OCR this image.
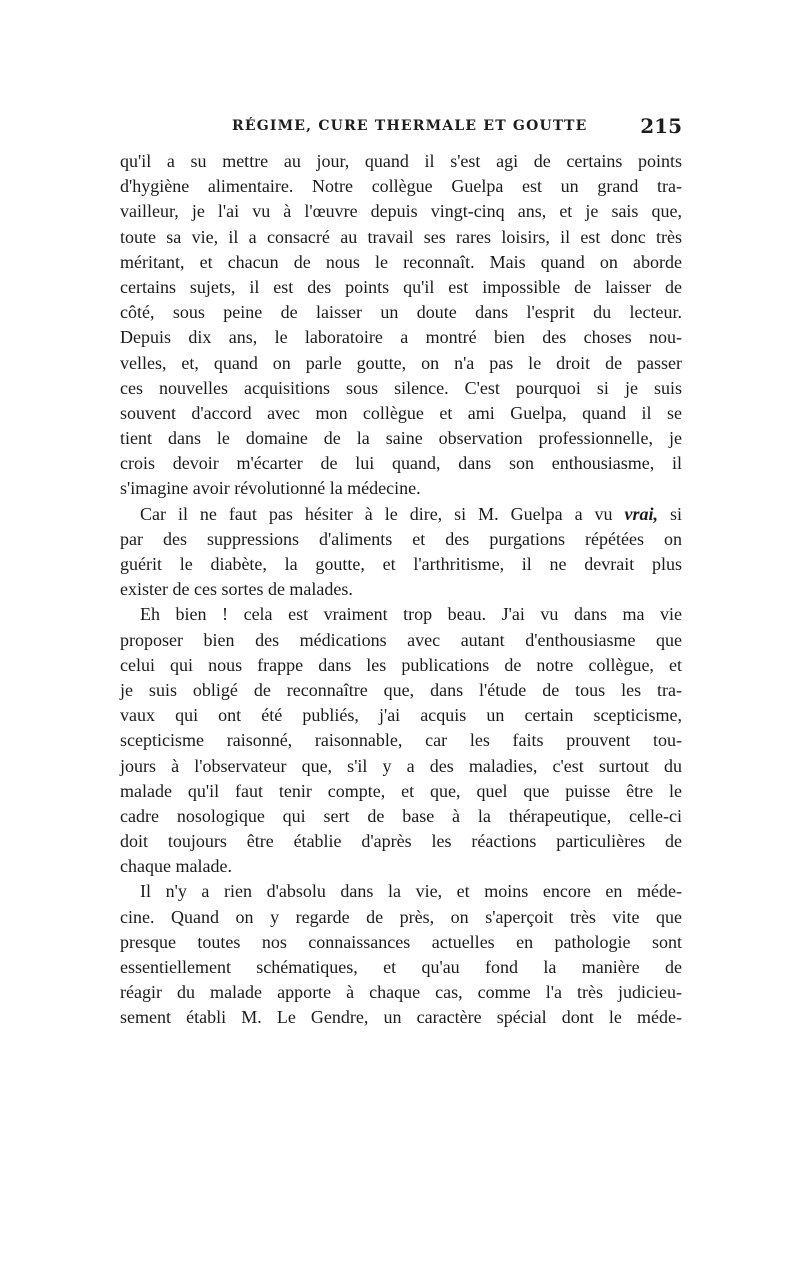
RÉGIME, CURE THERMALE ET GOUTTE	215
qu'il a su mettre au jour, quand il s'est agi de certains points
d'hygiène alimentaire. Notre collègue Guelpa est un grand tra-
vailleur, je l'ai vu à l'œuvre depuis vingt-cinq ans, et je sais que,
toute sa vie, il a consacré au travail ses rares loisirs, il est donc très
méritant, et chacun de nous le reconnaît. Mais quand on aborde
certains sujets, il est des points qu'il est impossible de laisser de
côté, sous peine de laisser un doute dans l'esprit du lecteur.
Depuis dix ans, le laboratoire a montré bien des choses nou-
velles, et, quand on parle goutte, on n'a pas le droit de passer
ces nouvelles acquisitions sous silence. C'est pourquoi si je suis
souvent d'accord avec mon collègue et ami Guelpa, quand il se
tient dans le domaine de la saine observation professionnelle, je
crois devoir m'écarter de lui quand, dans son enthousiasme, il
s'imagine avoir révolutionné la médecine.
Car il ne faut pas hésiter à le dire, si M. Guelpa a vu vrai, si
par des suppressions d'aliments et des purgations répétées on
guérit le diabète, la goutte, et l'arthritisme, il ne devrait plus
exister de ces sortes de malades.
Eh bien ! cela est vraiment trop beau. J'ai vu dans ma vie
proposer bien des médications avec autant d'enthousiasme que
celui qui nous frappe dans les publications de notre collègue, et
je suis obligé de reconnaître que, dans l'étude de tous les tra-
vaux qui ont été publiés, j'ai acquis un certain scepticisme,
scepticisme raisonné, raisonnable, car les faits prouvent tou-
jours à l'observateur que, s'il y a des maladies, c'est surtout du
malade qu'il faut tenir compte, et que, quel que puisse être le
cadre nosologique qui sert de base à la thérapeutique, celle-ci
doit toujours être établie d'après les réactions particulières de
chaque malade.
Il n'y a rien d'absolu dans la vie, et moins encore en méde-
cine. Quand on y regarde de près, on s'aperçoit très vite que
presque toutes nos connaissances actuelles en pathologie sont
essentiellement schématiques, et qu'au fond la manière de
réagir du malade apporte à chaque cas, comme l'a très judicieu-
sement établi M. Le Gendre, un caractère spécial dont le méde-
